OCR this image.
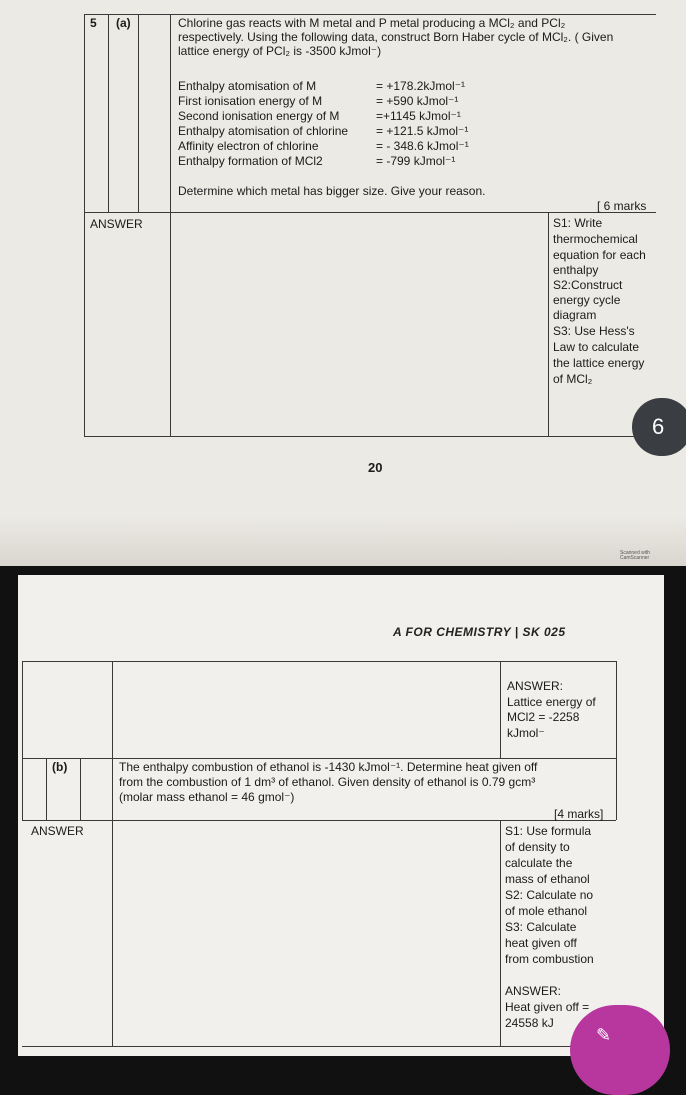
5 (a)	Chlorine gas reacts with M metal and P metal producing a MCl₂ and PCl₂
respectively. Using the following data, construct Born Haber cycle of MCl₂. ( Given
lattice energy of PCl₂ is -3500 kJmol⁻)
Enthalpy atomisation of M	= +178.2kJmol⁻¹
First ionisation energy of M	= +590 kJmol⁻¹
Second ionisation energy of M	=+1145 kJmol⁻¹
Enthalpy atomisation of chlorine = +121.5 kJmol⁻¹
Affinity electron of chlorine	= - 348.6 kJmol⁻¹
Enthalpy formation of MCl2	= -799 kJmol⁻¹
Determine which metal has bigger size. Give your reason.
[ 6 marks
ANSWER	S1: Write
thermochemical
equation for each
enthalpy
S2:Construct
energy cycle
diagram
S3: Use Hess's
Law to calculate
the lattice energy
of MCl₂
20
Scanned with CamScanner
6
A FOR CHEMISTRY | SK 025
ANSWER:
Lattice energy of
MCl2 = -2258
kJmol⁻
(b)	The enthalpy combustion of ethanol is -1430 kJmol⁻¹. Determine heat given off
from the combustion of 1 dm³ of ethanol. Given density of ethanol is 0.79 gcm³
(molar mass ethanol = 46 gmol⁻)
[4 marks]
ANSWER	S1: Use formula
of density to
calculate the
mass of ethanol
S2: Calculate no
of mole ethanol
S3: Calculate
heat given off
from combustion
ANSWER:
Heat given off =
24558 kJ
✎
